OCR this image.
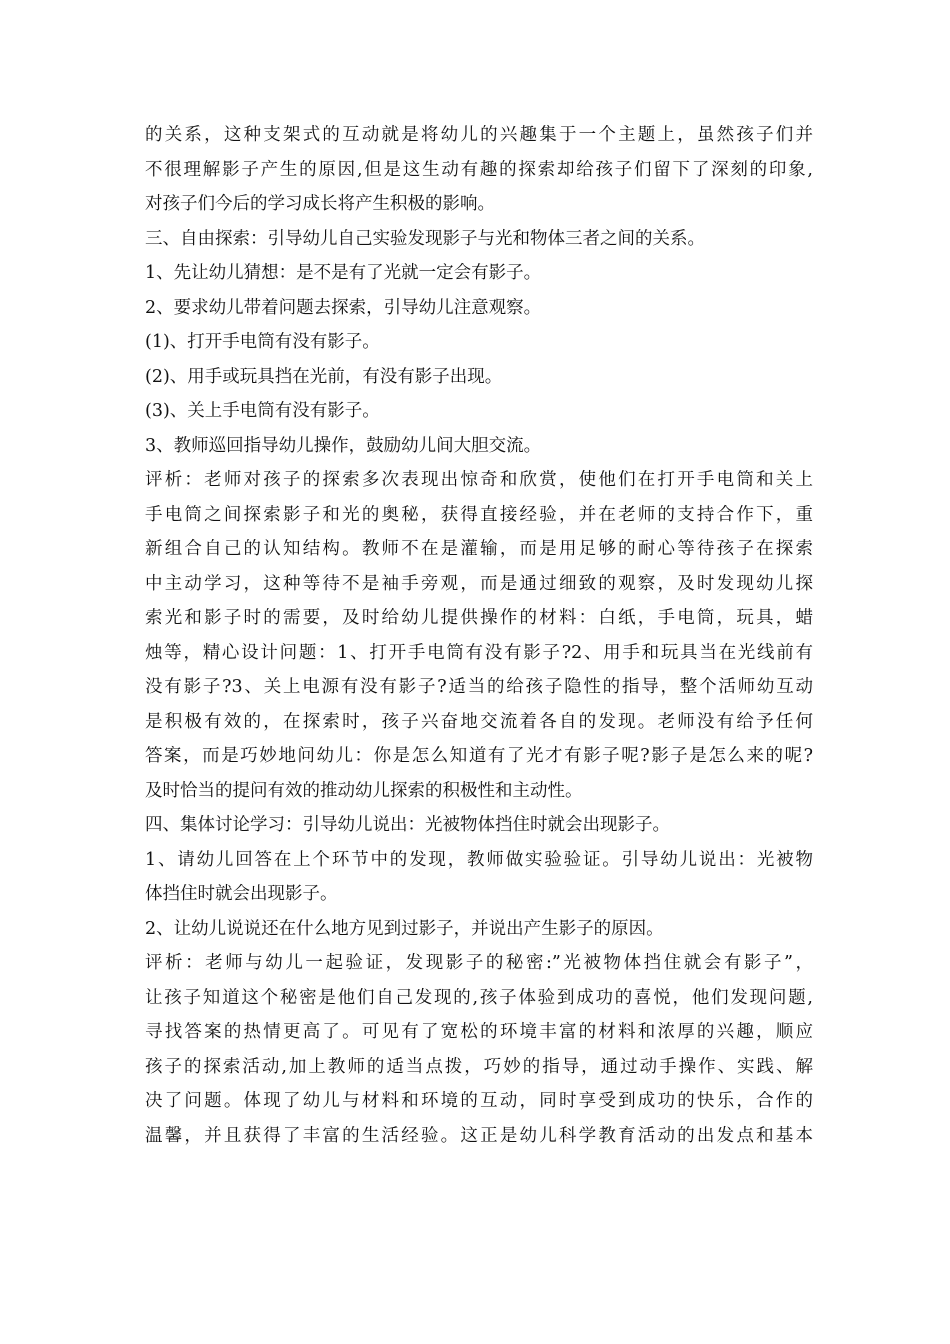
的关系，这种支架式的互动就是将幼儿的兴趣集于一个主题上，虽然孩子们并
不很理解影子产生的原因,但是这生动有趣的探索却给孩子们留下了深刻的印象,
对孩子们今后的学习成长将产生积极的影响。
三、自由探索：引导幼儿自己实验发现影子与光和物体三者之间的关系。
1、先让幼儿猜想：是不是有了光就一定会有影子。
2、要求幼儿带着问题去探索，引导幼儿注意观察。
(1)、打开手电筒有没有影子。
(2)、用手或玩具挡在光前，有没有影子出现。
(3)、关上手电筒有没有影子。
3、教师巡回指导幼儿操作，鼓励幼儿间大胆交流。
评析：老师对孩子的探索多次表现出惊奇和欣赏，使他们在打开手电筒和关上
手电筒之间探索影子和光的奥秘，获得直接经验，并在老师的支持合作下，重
新组合自己的认知结构。教师不在是灌输，而是用足够的耐心等待孩子在探索
中主动学习，这种等待不是袖手旁观，而是通过细致的观察，及时发现幼儿探
索光和影子时的需要，及时给幼儿提供操作的材料：白纸，手电筒，玩具，蜡
烛等，精心设计问题：1、打开手电筒有没有影子?2、用手和玩具当在光线前有
没有影子?3、关上电源有没有影子?适当的给孩子隐性的指导，整个活师幼互动
是积极有效的，在探索时，孩子兴奋地交流着各自的发现。老师没有给予任何
答案，而是巧妙地问幼儿：你是怎么知道有了光才有影子呢?影子是怎么来的呢?
及时恰当的提问有效的推动幼儿探索的积极性和主动性。
四、集体讨论学习：引导幼儿说出：光被物体挡住时就会出现影子。
1、请幼儿回答在上个环节中的发现，教师做实验验证。引导幼儿说出：光被物
体挡住时就会出现影子。
2、让幼儿说说还在什么地方见到过影子，并说出产生影子的原因。
评析：老师与幼儿一起验证，发现影子的秘密:”光被物体挡住就会有影子”，
让孩子知道这个秘密是他们自己发现的,孩子体验到成功的喜悦，他们发现问题,
寻找答案的热情更高了。可见有了宽松的环境丰富的材料和浓厚的兴趣，顺应
孩子的探索活动,加上教师的适当点拨，巧妙的指导，通过动手操作、实践、解
决了问题。体现了幼儿与材料和环境的互动，同时享受到成功的快乐，合作的
温馨，并且获得了丰富的生活经验。这正是幼儿科学教育活动的出发点和基本
